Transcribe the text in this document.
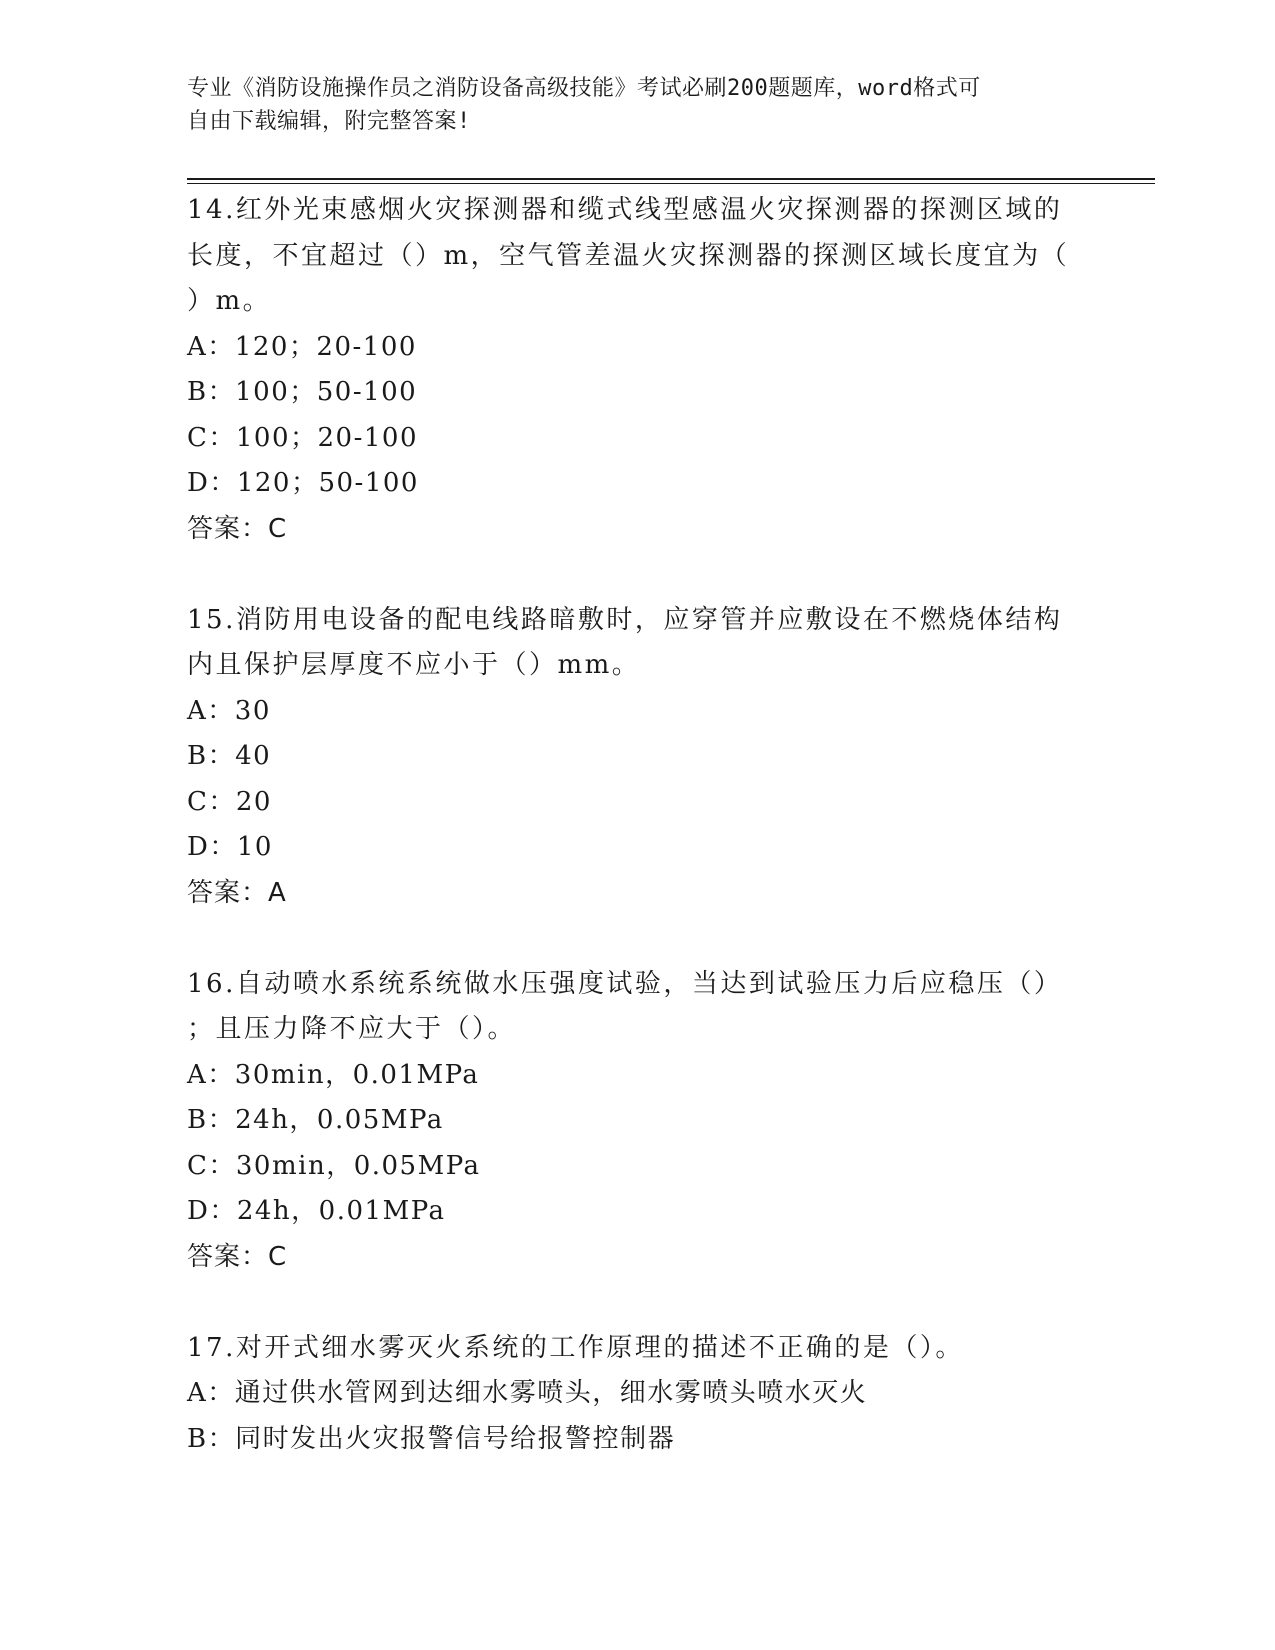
专业《消防设施操作员之消防设备高级技能》考试必刷200题题库，word格式可
自由下载编辑，附完整答案!

14.红外光束感烟火灾探测器和缆式线型感温火灾探测器的探测区域的

长度，不宜超过（）m，空气管差温火灾探测器的探测区域长度宜为（

）m。

A：120；20-100

B：100；50-100

C：100；20-100

D：120；50-100

答案：C

15.消防用电设备的配电线路暗敷时，应穿管并应敷设在不燃烧体结构

内且保护层厚度不应小于（）mm。

A：30

B：40

C：20

D：10

答案：A

16.自动喷水系统系统做水压强度试验，当达到试验压力后应稳压（）

；且压力降不应大于（）。

A：30min，0.01MPa

B：24h，0.05MPa

C：30min，0.05MPa

D：24h，0.01MPa

答案：C

17.对开式细水雾灭火系统的工作原理的描述不正确的是（）。

A：通过供水管网到达细水雾喷头，细水雾喷头喷水灭火

B：同时发出火灾报警信号给报警控制器
